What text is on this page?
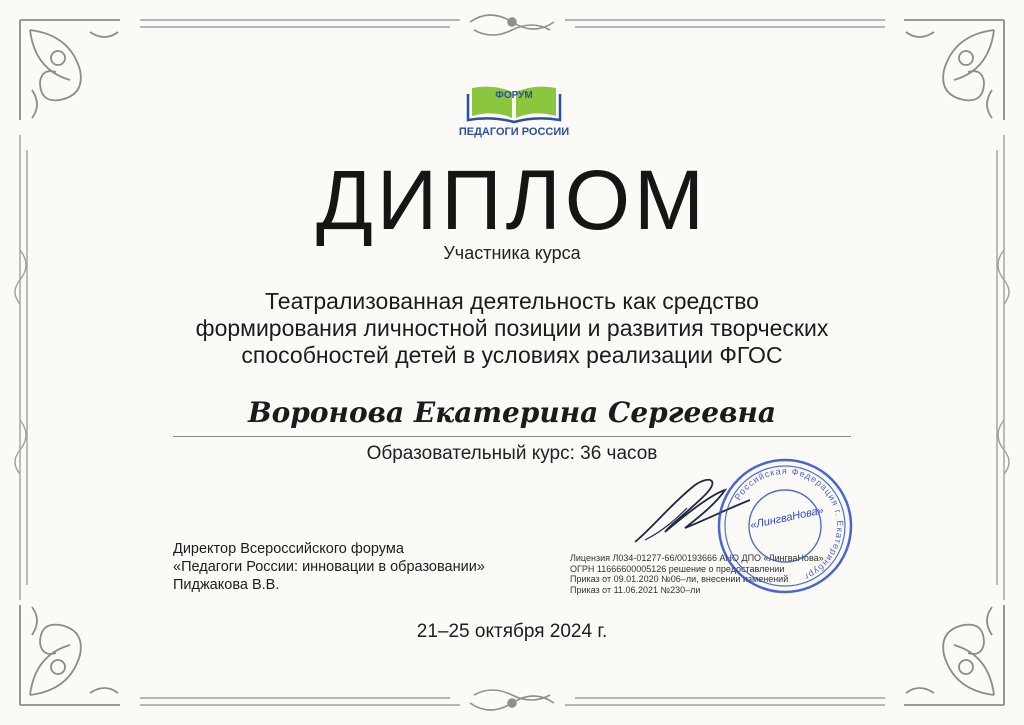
ФОРУМ
ПЕДАГОГИ РОССИИ
ДИПЛОМ
Участника курса
Театрализованная деятельность как средство
формирования личностной позиции и развития творческих
способностей детей в условиях реализации ФГОС
Воронова Екатерина Сергеевна
Образовательный курс: 36 часов
Директор Всероссийского форума
«Педагоги России: инновации в образовании»
Пиджакова В.В.
Лицензия Л034-01277-66/00193666 АНО ДПО «ЛингваНова»
ОГРН 11666600005126 решение о предоставлении
Приказ от 09.01.2020 №06–ли, внесении изменений
Приказ от 11.06.2021 №230–ли
Российская Федерация г. Екатеринбург
«ЛингваНова»
21–25 октября 2024 г.
